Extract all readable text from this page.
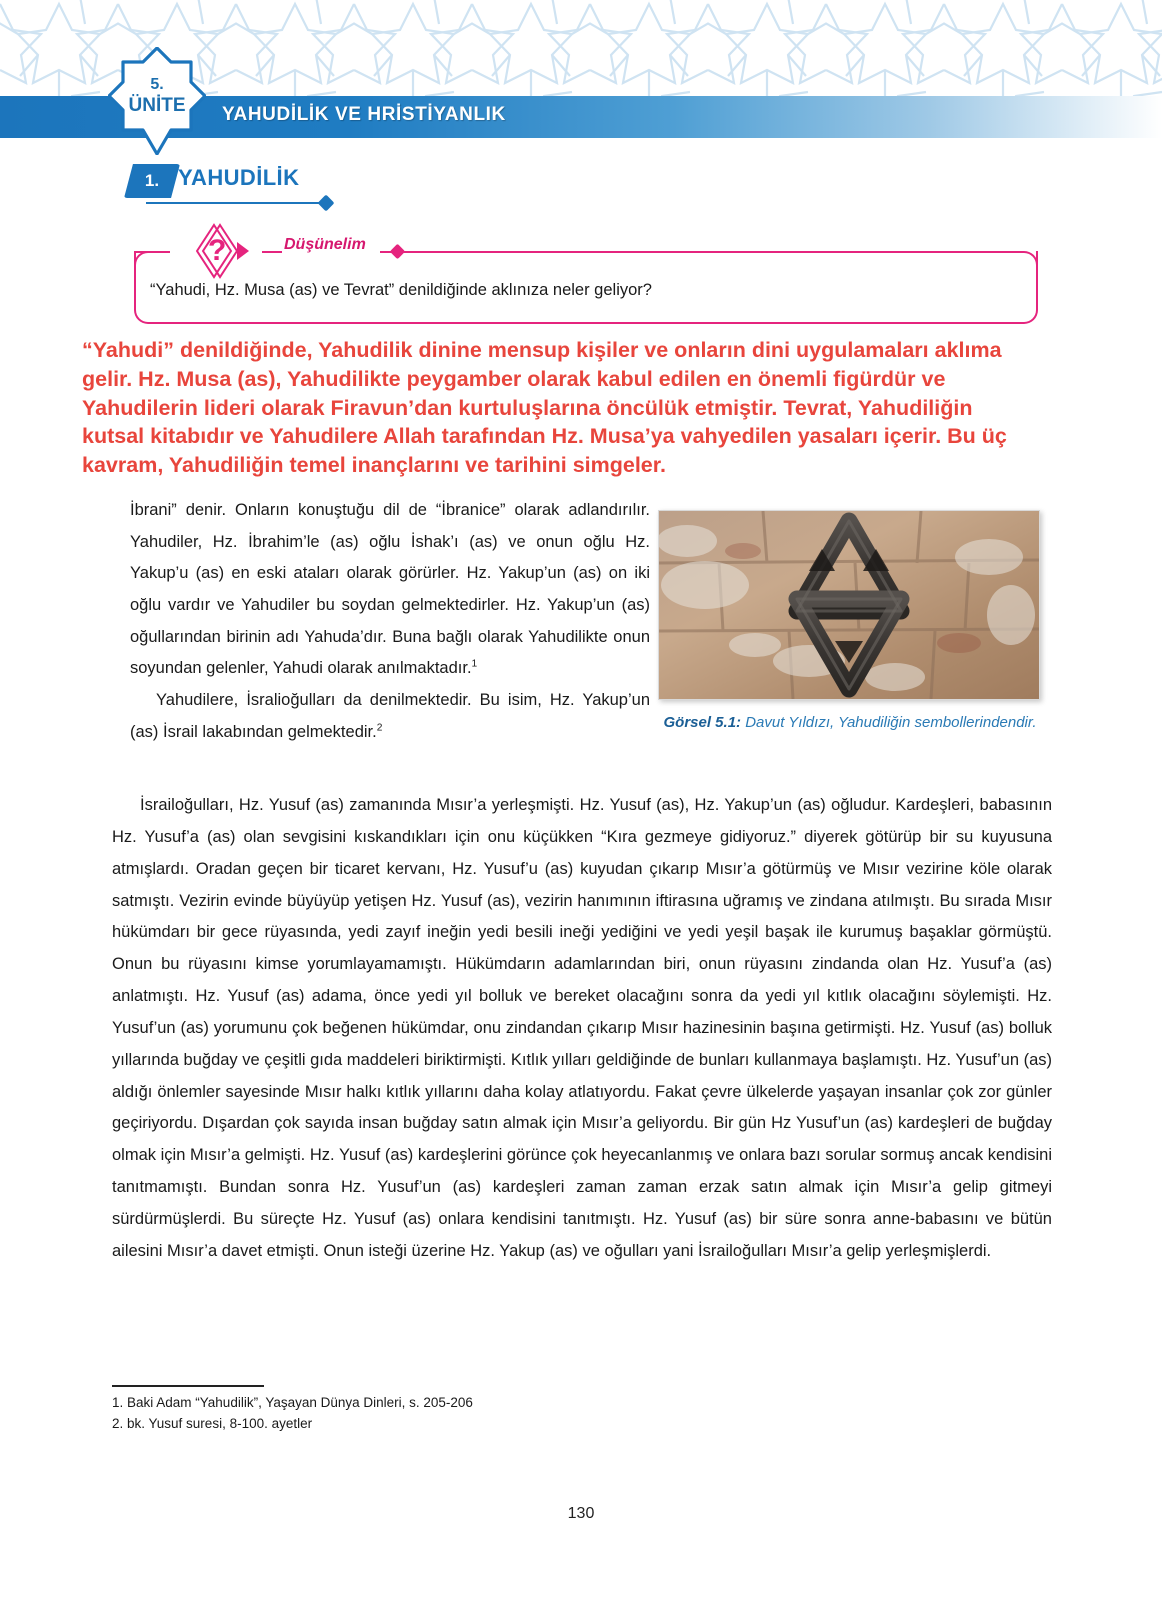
YAHUDİLİK VE HRİSTİYANLIK
5.
ÜNİTE
1. YAHUDİLİK
?	Düşünelim
“Yahudi, Hz. Musa (as) ve Tevrat” denildiğinde aklınıza neler geliyor?

İbrani” denir. Onların konuştuğu dil de “İbranice” olarak adlandırılır. Yahudiler, Hz. İbrahim’le (as) oğlu İshak’ı (as) ve onun oğlu Hz. Yakup’u (as) en eski ataları olarak görürler. Hz. Yakup’un (as) on iki oğlu vardır ve Yahudiler bu soydan gelmektedirler. Hz. Yakup’un (as) oğullarından birinin adı Yahuda’dır. Buna bağlı olarak Yahudilikte onun soyundan gelenler, Yahudi olarak anılmaktadır.$^1$

Yahudilere, İsralioğulları da denilmektedir. Bu isim, Hz. Yakup’un (as) İsrail lakabından gelmektedir.$^2$	Görsel 5.1: Davut Yıldızı, Yahudiliğin sembollerindendir.

İsrailoğulları, Hz. Yusuf (as) zamanında Mısır’a yerleşmişti. Hz. Yusuf (as), Hz. Yakup’un (as) oğludur. Kardeşleri, babasının Hz. Yusuf’a (as) olan sevgisini kıskandıkları için onu küçükken “Kıra gezmeye gidiyoruz.” diyerek götürüp bir su kuyusuna atmışlardı. Oradan geçen bir ticaret kervanı, Hz. Yusuf’u (as) kuyudan çıkarıp Mısır’a götürmüş ve Mısır vezirine köle olarak satmıştı. Vezirin evinde büyüyüp yetişen Hz. Yusuf (as), vezirin hanımının iftirasına uğramış ve zindana atılmıştı. Bu sırada Mısır hükümdarı bir gece rüyasında, yedi zayıf ineğin yedi besili ineği yediğini ve yedi yeşil başak ile kurumuş başaklar görmüştü. Onun bu rüyasını kimse yorumlayamamıştı. Hükümdarın adamlarından biri, onun rüyasını zindanda olan Hz. Yusuf’a (as) anlatmıştı. Hz. Yusuf (as) adama, önce yedi yıl bolluk ve bereket olacağını sonra da yedi yıl kıtlık olacağını söylemişti. Hz. Yusuf’un (as) yorumunu çok beğenen hükümdar, onu zindandan çıkarıp Mısır hazinesinin başına getirmişti. Hz. Yusuf (as) bolluk yıllarında buğday ve çeşitli gıda maddeleri biriktirmişti. Kıtlık yılları geldiğinde de bunları kullanmaya başlamıştı. Hz. Yusuf’un (as) aldığı önlemler sayesinde Mısır halkı kıtlık yıllarını daha kolay atlatıyordu. Fakat çevre ülkelerde yaşayan insanlar çok zor günler geçiriyordu. Dışardan çok sayıda insan buğday satın almak için Mısır’a geliyordu. Bir gün Hz Yusuf’un (as) kardeşleri de buğday olmak için Mısır’a gelmişti. Hz. Yusuf (as) kardeşlerini görünce çok heyecanlanmış ve onlara bazı sorular sormuş ancak kendisini tanıtmamıştı. Bundan sonra Hz. Yusuf’un (as) kardeşleri zaman zaman erzak satın almak için Mısır’a gelip gitmeyi sürdürmüşlerdi. Bu süreçte Hz. Yusuf (as) onlara kendisini tanıtmıştı. Hz. Yusuf (as) bir süre sonra anne-babasını ve bütün ailesini Mısır’a davet etmişti. Onun isteği üzerine Hz. Yakup (as) ve oğulları yani İsrailoğulları Mısır’a gelip yerleşmişlerdi.

“Yahudi” denildiğinde, Yahudilik dinine mensup kişiler ve onların dini uygulamaları aklıma gelir. Hz. Musa (as), Yahudilikte peygamber olarak kabul edilen en önemli figürdür ve Yahudilerin lideri olarak Firavun’dan kurtuluşlarına öncülük etmiştir. Tevrat, Yahudiliğin kutsal kitabıdır ve Yahudilere Allah tarafından Hz. Musa’ya vahyedilen yasaları içerir. Bu üç kavram, Yahudiliğin temel inançlarını ve tarihini simgeler.
1. Baki Adam “Yahudilik”, Yaşayan Dünya Dinleri, s. 205-206
2. bk. Yusuf suresi, 8-100. ayetler
130
